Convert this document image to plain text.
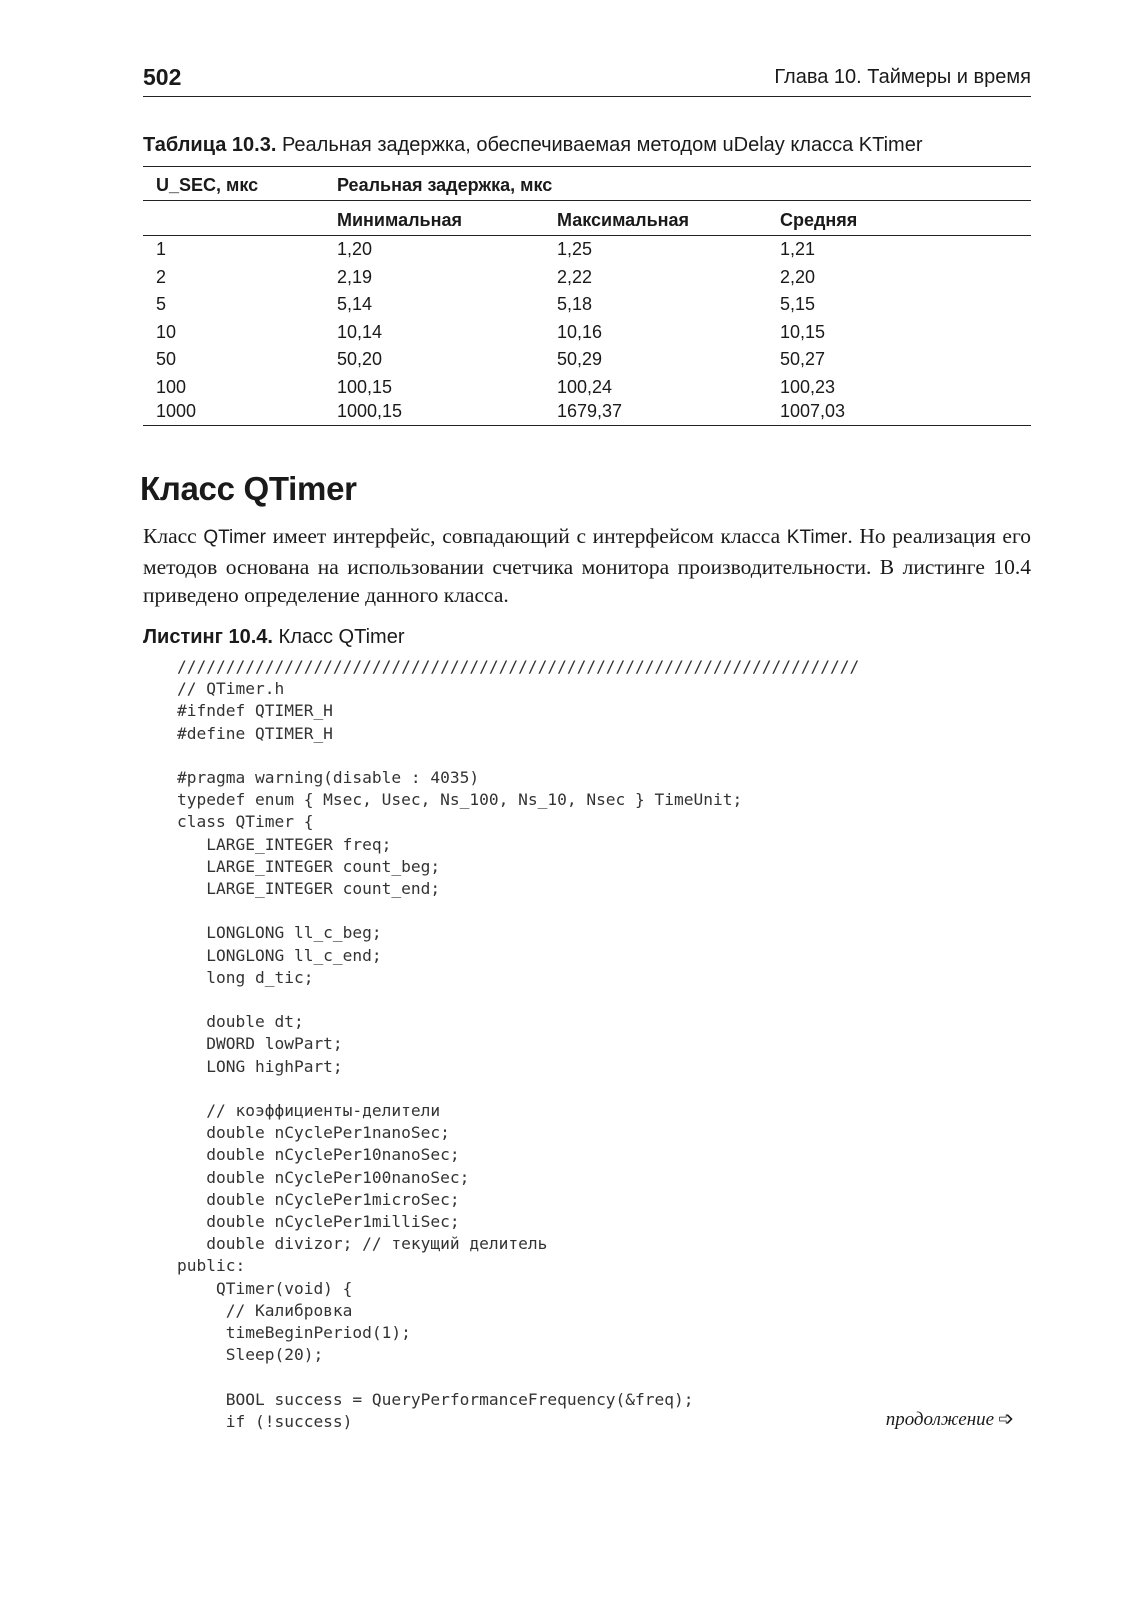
502	Глава 10. Таймеры и время
Таблица 10.3. Реальная задержка, обеспечиваемая методом uDelay класса KTimer
U_SEC, мкс	Реальная задержка, мкс		
	Минимальная	Максимальная	Средняя
1	1,20	1,25	1,21
2	2,19	2,22	2,20
5	5,14	5,18	5,15
10	10,14	10,16	10,15
50	50,20	50,29	50,27
100	100,15	100,24	100,23
1000	1000,15	1679,37	1007,03
Класс QTimer

Класс QTimer имеет интерфейс, совпадающий с интерфейсом класса KTimer. Но реализация его методов основана на использовании счетчика монитора производительности. В листинге 10.4 приведено определение данного класса.

Листинг 10.4. Класс QTimer
//////////////////////////////////////////////////////////////////////
// QTimer.h
#ifndef QTIMER_H
#define QTIMER_H

#pragma warning(disable : 4035)
typedef enum { Msec, Usec, Ns_100, Ns_10, Nsec } TimeUnit;
class QTimer {
LARGE_INTEGER freq;
LARGE_INTEGER count_beg;
LARGE_INTEGER count_end;

LONGLONG ll_c_beg;
LONGLONG ll_c_end;
long d_tic;

double dt;
DWORD lowPart;
LONG highPart;

// коэффициенты-делители
double nCyclePer1nanoSec;
double nCyclePer10nanoSec;
double nCyclePer100nanoSec;
double nCyclePer1microSec;
double nCyclePer1milliSec;
double divizor; // текущий делитель
public:
QTimer(void) {
// Калибровка
timeBeginPeriod(1);
Sleep(20);

BOOL success = QueryPerformanceFrequency(&freq);
if (!success)	продолжение ➩
